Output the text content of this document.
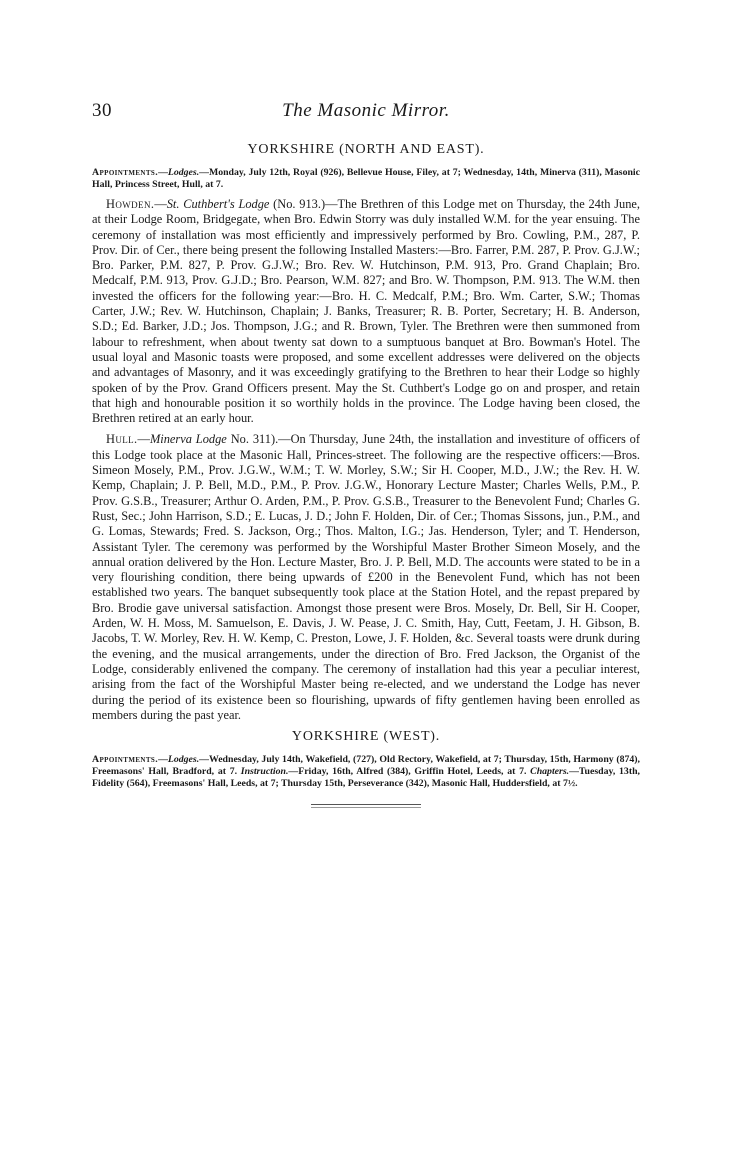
30	The Masonic Mirror.
YORKSHIRE (NORTH AND EAST).

Appointments.—Lodges.—Monday, July 12th, Royal (926), Bellevue House, Filey, at 7; Wednesday, 14th, Minerva (311), Masonic Hall, Princess Street, Hull, at 7.

Howden.—St. Cuthbert's Lodge (No. 913.)—The Brethren of this Lodge met on Thursday, the 24th June, at their Lodge Room, Bridgegate, when Bro. Edwin Storry was duly installed W.M. for the year ensuing. The ceremony of installation was most efficiently and impressively performed by Bro. Cowling, P.M., 287, P. Prov. Dir. of Cer., there being present the following Installed Masters:—Bro. Farrer, P.M. 287, P. Prov. G.J.W.; Bro. Parker, P.M. 827, P. Prov. G.J.W.; Bro. Rev. W. Hutchinson, P.M. 913, Pro. Grand Chaplain; Bro. Medcalf, P.M. 913, Prov. G.J.D.; Bro. Pearson, W.M. 827; and Bro. W. Thompson, P.M. 913. The W.M. then invested the officers for the following year:—Bro. H. C. Medcalf, P.M.; Bro. Wm. Carter, S.W.; Thomas Carter, J.W.; Rev. W. Hutchinson, Chaplain; J. Banks, Treasurer; R. B. Porter, Secretary; H. B. Anderson, S.D.; Ed. Barker, J.D.; Jos. Thompson, J.G.; and R. Brown, Tyler. The Brethren were then summoned from labour to refreshment, when about twenty sat down to a sumptuous banquet at Bro. Bowman's Hotel. The usual loyal and Masonic toasts were proposed, and some excellent addresses were delivered on the objects and advantages of Masonry, and it was exceedingly gratifying to the Brethren to hear their Lodge so highly spoken of by the Prov. Grand Officers present. May the St. Cuthbert's Lodge go on and prosper, and retain that high and honourable position it so worthily holds in the province. The Lodge having been closed, the Brethren retired at an early hour.

Hull.—Minerva Lodge No. 311).—On Thursday, June 24th, the installation and investiture of officers of this Lodge took place at the Masonic Hall, Princes-street. The following are the respective officers:—Bros. Simeon Mosely, P.M., Prov. J.G.W., W.M.; T. W. Morley, S.W.; Sir H. Cooper, M.D., J.W.; the Rev. H. W. Kemp, Chaplain; J. P. Bell, M.D., P.M., P. Prov. J.G.W., Honorary Lecture Master; Charles Wells, P.M., P. Prov. G.S.B., Treasurer; Arthur O. Arden, P.M., P. Prov. G.S.B., Treasurer to the Benevolent Fund; Charles G. Rust, Sec.; John Harrison, S.D.; E. Lucas, J. D.; John F. Holden, Dir. of Cer.; Thomas Sissons, jun., P.M., and G. Lomas, Stewards; Fred. S. Jackson, Org.; Thos. Malton, I.G.; Jas. Henderson, Tyler; and T. Henderson, Assistant Tyler. The ceremony was performed by the Worshipful Master Brother Simeon Mosely, and the annual oration delivered by the Hon. Lecture Master, Bro. J. P. Bell, M.D. The accounts were stated to be in a very flourishing condition, there being upwards of £200 in the Benevolent Fund, which has not been established two years. The banquet subsequently took place at the Station Hotel, and the repast prepared by Bro. Brodie gave universal satisfaction. Amongst those present were Bros. Mosely, Dr. Bell, Sir H. Cooper, Arden, W. H. Moss, M. Samuelson, E. Davis, J. W. Pease, J. C. Smith, Hay, Cutt, Feetam, J. H. Gibson, B. Jacobs, T. W. Morley, Rev. H. W. Kemp, C. Preston, Lowe, J. F. Holden, &c. Several toasts were drunk during the evening, and the musical arrangements, under the direction of Bro. Fred Jackson, the Organist of the Lodge, considerably enlivened the company. The ceremony of installation had this year a peculiar interest, arising from the fact of the Worshipful Master being re-elected, and we understand the Lodge has never during the period of its existence been so flourishing, upwards of fifty gentlemen having been enrolled as members during the past year.

YORKSHIRE (WEST).

Appointments.—Lodges.—Wednesday, July 14th, Wakefield, (727), Old Rectory, Wakefield, at 7; Thursday, 15th, Harmony (874), Freemasons' Hall, Bradford, at 7. Instruction.—Friday, 16th, Alfred (384), Griffin Hotel, Leeds, at 7. Chapters.—Tuesday, 13th, Fidelity (564), Freemasons' Hall, Leeds, at 7; Thursday 15th, Perseverance (342), Masonic Hall, Huddersfield, at 7½.
